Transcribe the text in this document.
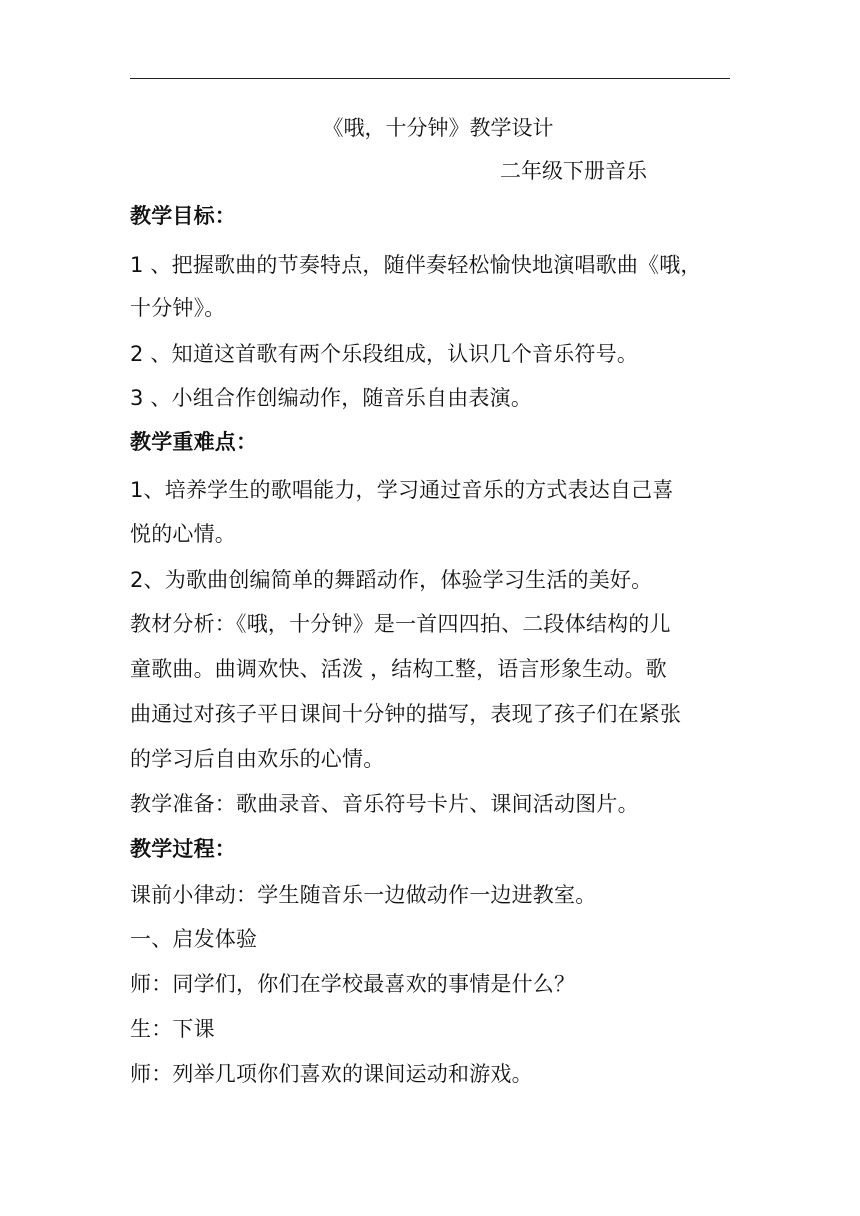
《哦，十分钟》教学设计
二年级下册音乐
教学目标：
1 、把握歌曲的节奏特点，随伴奏轻松愉快地演唱歌曲《哦，
十分钟》。
2 、知道这首歌有两个乐段组成，认识几个音乐符号。
3 、小组合作创编动作，随音乐自由表演。
教学重难点：
1、培养学生的歌唱能力，学习通过音乐的方式表达自己喜
悦的心情。
2、为歌曲创编简单的舞蹈动作，体验学习生活的美好。
教材分析：《哦，十分钟》是一首四四拍、二段体结构的儿
童歌曲。曲调欢快、活泼 ，结构工整，语言形象生动。歌
曲通过对孩子平日课间十分钟的描写，表现了孩子们在紧张
的学习后自由欢乐的心情。
教学准备：歌曲录音、音乐符号卡片、课间活动图片。
教学过程：
课前小律动：学生随音乐一边做动作一边进教室。
一、启发体验
师：同学们，你们在学校最喜欢的事情是什么？
生：下课
师：列举几项你们喜欢的课间运动和游戏。
